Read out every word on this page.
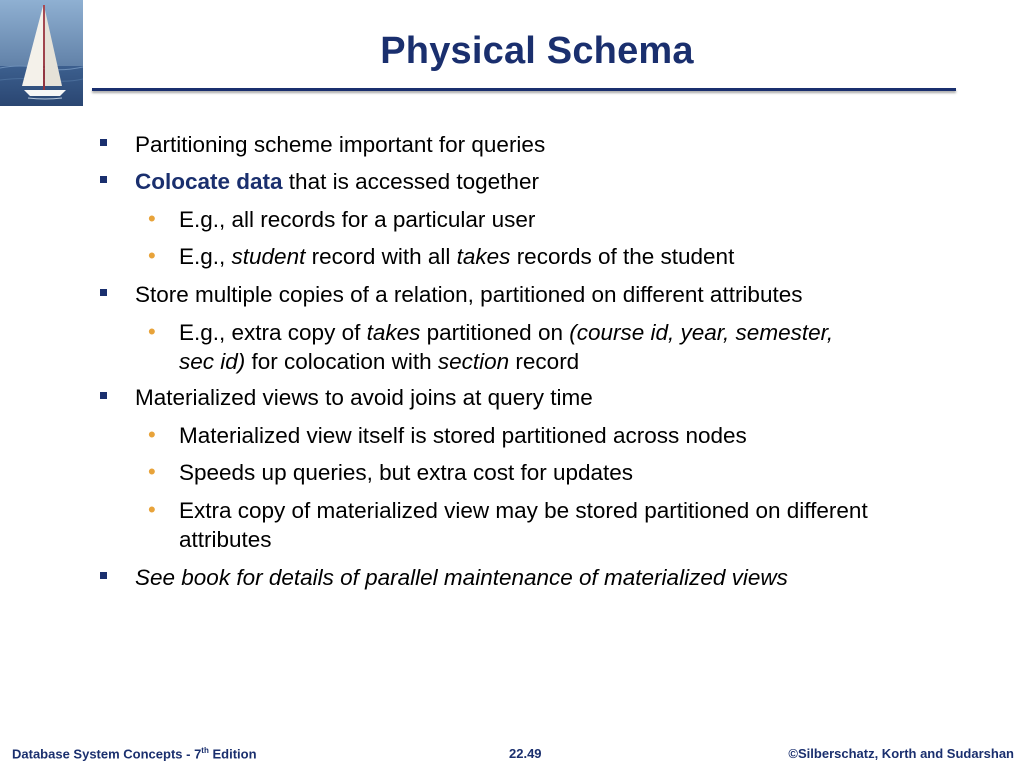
Physical Schema
Partitioning scheme important for queries
Colocate data that is accessed together
• E.g., all records for a particular user
• E.g., student record with all takes records of the student
Store multiple copies of a relation, partitioned on different attributes
• E.g., extra copy of takes partitioned on (course id, year, semester,
sec id) for colocation with section record
Materialized views to avoid joins at query time
• Materialized view itself is stored partitioned across nodes
• Speeds up queries, but extra cost for updates
• Extra copy of materialized view may be stored partitioned on different
attributes
See book for details of parallel maintenance of materialized views
Database System Concepts - 7th Edition	22.49	©Silberschatz, Korth and Sudarshan
